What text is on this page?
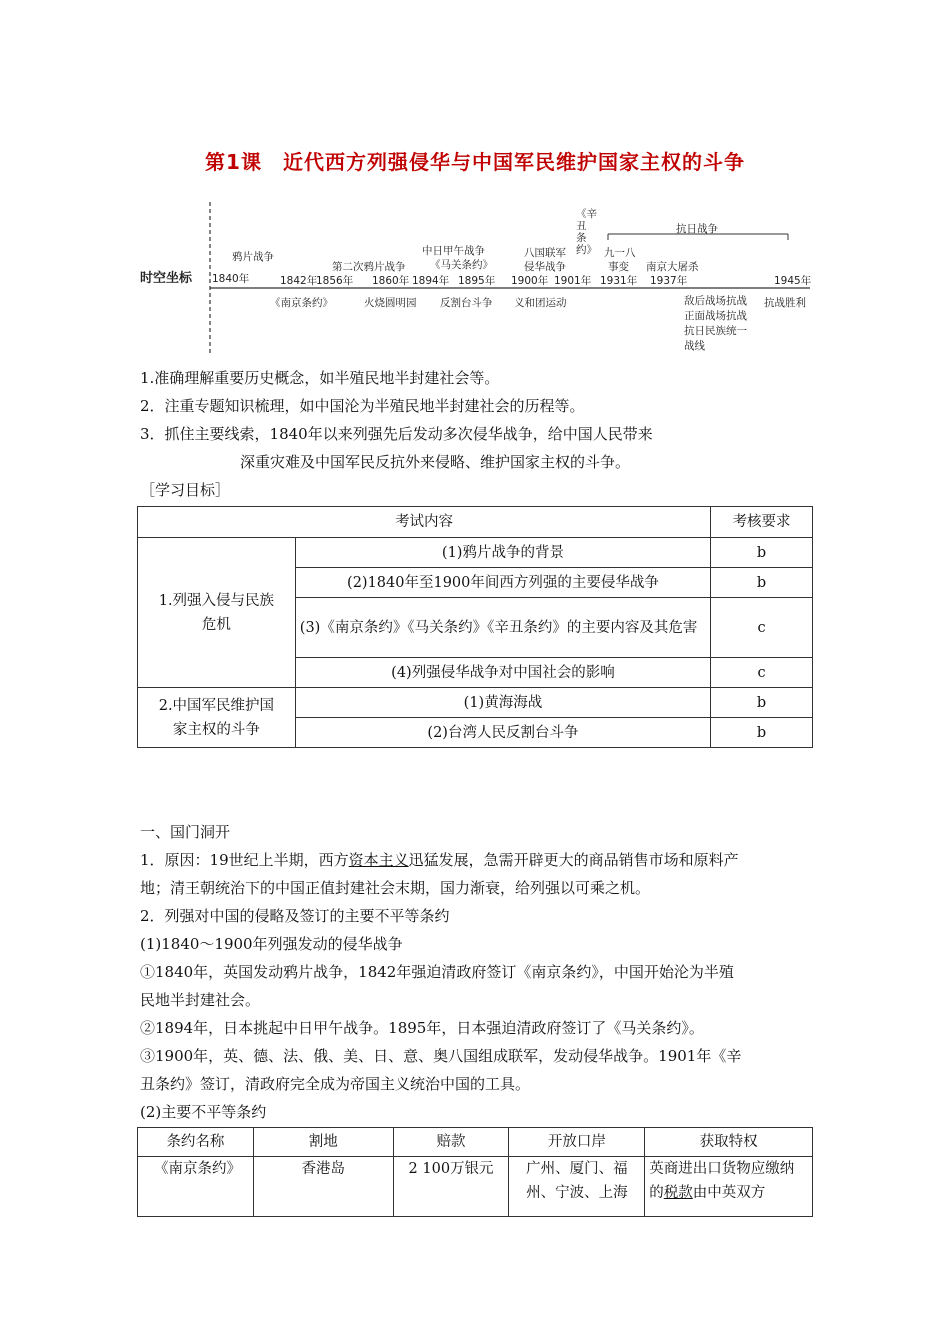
第1课　近代西方列强侵华与中国军民维护国家主权的斗争
时空坐标 1840年	1842年
1856年 1860年 1894年 1895年 1900年 1901年 1931年 1937年	1945年
鸦片战争
第二次鸦片战争
中日甲午战争
《马关条约》
八国联军
侵华战争
《辛丑条约》 九一八
事变 南京大屠杀
抗日战争
《南京条约》	火烧圆明园 反割台斗争 义和团运动	敌后战场抗战
正面战场抗战
抗日民族统一
战线
抗战胜利
1.准确理解重要历史概念，如半殖民地半封建社会等。
2．注重专题知识梳理，如中国沦为半殖民地半封建社会的历程等。
3．抓住主要线索，1840年以来列强先后发动多次侵华战争，给中国人民带来
深重灾难及中国军民反抗外来侵略、维护国家主权的斗争。
［学习目标］
考试内容		考核要求
1.列强入侵与民族危机	(1)鸦片战争的背景	b
	(2)1840年至1900年间西方列强的主要侵华战争	b
	(3)《南京条约》《马关条约》《辛丑条约》的主要内容及其危害	c
	(4)列强侵华战争对中国社会的影响	c
2.中国军民维护国家主权的斗争	(1)黄海海战	b
	(2)台湾人民反割台斗争	b
一、国门洞开
1．原因：19世纪上半期，西方资本主义迅猛发展，急需开辟更大的商品销售市场和原料产
地；清王朝统治下的中国正值封建社会末期，国力渐衰，给列强以可乘之机。
2．列强对中国的侵略及签订的主要不平等条约
(1)1840～1900年列强发动的侵华战争
①1840年，英国发动鸦片战争，1842年强迫清政府签订《南京条约》，中国开始沦为半殖
民地半封建社会。
②1894年，日本挑起中日甲午战争。1895年，日本强迫清政府签订了《马关条约》。
③1900年，英、德、法、俄、美、日、意、奥八国组成联军，发动侵华战争。1901年《辛
丑条约》签订，清政府完全成为帝国主义统治中国的工具。
(2)主要不平等条约
条约名称	割地	赔款	开放口岸	获取特权
《南京条约》	香港岛	2 100万银元	广州、厦门、福州、宁波、上海	英商进出口货物应缴纳的税款由中英双方
